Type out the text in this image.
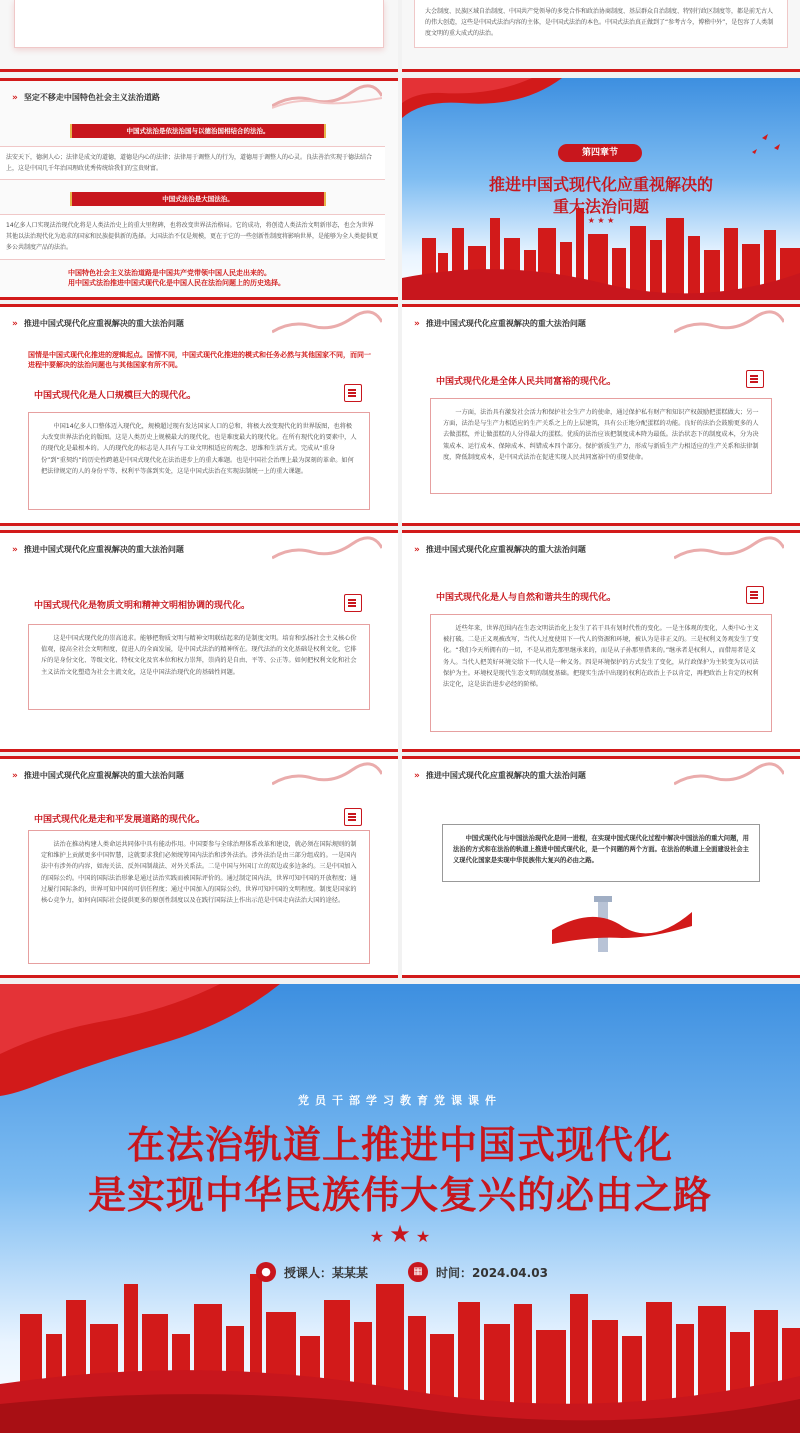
大会制度、民族区域自治制度、中国共产党领导的多党合作和政治协商制度、基层群众自治制度、特别行政区制度等，都是前无古人的伟大创造，这些是中国式法治内容的主体，是中国式法治的本色。中国式法治真正做到了“参考古今，博稽中外”，是包容了人类制度文明的重大成式的法治。
» 坚定不移走中国特色社会主义法治道路
中国式法治是依法治国与以德治国相结合的法治。
法安天下，德润人心；法律是成文的道德，道德是内心的法律；法律用于调整人的行为，道德用于调整人的心灵。良法善治实现于德法结合上，这是中国几千年治国理政优秀传统给我们的宝贵财富。
中国式法治是大国法治。
14亿多人口实现法治现代化将是人类法治史上的重大里程碑，也将改变世界法治格局。它的成功，将创造人类法治文明新形态，也会为世界其他以法治现代化为追求的国家和民族提供新的选择。大国法治不仅是规模，更在于它的一些创新性制度将影响世界，是能够为全人类提供更多公共制度产品的法治。
中国特色社会主义法治道路是中国共产党带领中国人民走出来的。
用中国式法治推进中国式现代化是中国人民在法治问题上的历史选择。
第四章节
推进中国式现代化应重视解决的
重大法治问题
★ ★ ★
» 推进中国式现代化应重视解决的重大法治问题
国情是中国式现代化推进的逻辑起点。国情不同，中国式现代化推进的模式和任务必然与其他国家不同，而同一进程中要解决的法治问题也与其他国家有所不同。
中国式现代化是人口规模巨大的现代化。
中国14亿多人口整体迈入现代化，规模超过现有发达国家人口的总和，将极大改变现代化的世界版图，也将极大改变世界法治化的版图。这是人类历史上规模最大的现代化，也是难度最大的现代化。在所有现代化的要素中，人的现代化是最根本的。人的现代化的标志是人具有与工业文明相适应的观念、思维和生活方式。完成从“重身份”到“重契约”的历史性跨越是中国式现代化在法治进步上的重大难题。也是中国社会治理上最为深刻的革命。如何把法律规定的人的身份平等、权利平等落到实处，这是中国式法治在实现法制统一上的重大课题。
» 推进中国式现代化应重视解决的重大法治问题
中国式现代化是全体人民共同富裕的现代化。
一方面，法治具有激发社会活力和保护社会生产力的使命，通过保护私有财产和知识产权鼓励把蛋糕做大；另一方面，法治是与生产力相适应的生产关系之上的上层建筑，具有公正地分配蛋糕的功能。良好的法治会鼓励更多的人去做蛋糕，并让做蛋糕的人分得最大的蛋糕。优质的法治应该把制度成本降为最低。法治状态下的制度成本，分为决策成本、运行成本、保障成本、纠错成本四个部分。保护新质生产力，形成与新质生产力相适应的生产关系和法律制度，降低制度成本，是中国式法治在促进实现人民共同富裕中的重要使命。
» 推进中国式现代化应重视解决的重大法治问题
中国式现代化是物质文明和精神文明相协调的现代化。
这是中国式现代化的崇高追求。能够把物质文明与精神文明联结起来的是制度文明。培育和弘扬社会主义核心价值观，提高全社会文明程度，促进人的全面发展，是中国式法治的精神所在。现代法治的文化基础是权利文化，它排斥的是身份文化、等级文化、特权文化及官本位和权力崇拜，崇尚的是自由、平等、公正等。如何把权利文化和社会主义法治文化塑造为社会主流文化，这是中国法治现代化的基础性问题。
» 推进中国式现代化应重视解决的重大法治问题
中国式现代化是人与自然和谐共生的现代化。
近些年来，世界范围内在生态文明法治化上发生了若干具有划时代性的变化。一是主体观的变化，人类中心主义被打破。二是正义观被改写，当代人过度使用下一代人的资源和环境，被认为是非正义的。三是权利义务观发生了变化。“我们今天所拥有的一切，不是从祖先那里继承来的，而是从子孙那里借来的。”继承者是权利人，而借用者是义务人。当代人把美好环境交给下一代人是一种义务。四是环境保护的方式发生了变化，从行政保护为主转变为以司法保护为主。环境权是现代生态文明的制度基础。把现实生活中出现的权利在政治上予以肯定，再把政治上肯定的权利法定化，这是法治进步必经的阶梯。
» 推进中国式现代化应重视解决的重大法治问题
中国式现代化是走和平发展道路的现代化。
法治在推动构建人类命运共同体中具有能动作用。中国要参与全球治理体系改革和建设，就必须在国际规则的制定和维护上贡献更多中国智慧，这就要求我们必须统筹国内法治和涉外法治。涉外法治是由三部分组成的。一是国内法中有涉外的内容，如海关法、反外国制裁法、对外关系法。二是中国与外国订立的双边或多边条约。三是中国加入的国际公约。中国的国际法治形象是通过法治实践而被国际评价的。通过制定国内法，世界可知中国的开放程度；通过履行国际条约，世界可知中国的可信任程度；通过中国加入的国际公约，世界可知中国的文明程度。制度是国家的核心竞争力，如何向国际社会提供更多的原创性制度以及在践行国际法上作出示范是中国走向法治大国的途径。
» 推进中国式现代化应重视解决的重大法治问题
中国式现代化与中国法治现代化是同一进程，在实现中国式现代化过程中解决中国法治的重大问题，用法治的方式和在法治的轨道上推进中国式现代化，是一个问题的两个方面。在法治的轨道上全面建设社会主义现代化国家是实现中华民族伟大复兴的必由之路。
党员干部学习教育党课课件
在法治轨道上推进中国式现代化
是实现中华民族伟大复兴的必由之路
★ ★ ★
●	授课人：某某某	▦	时间：2024.04.03
